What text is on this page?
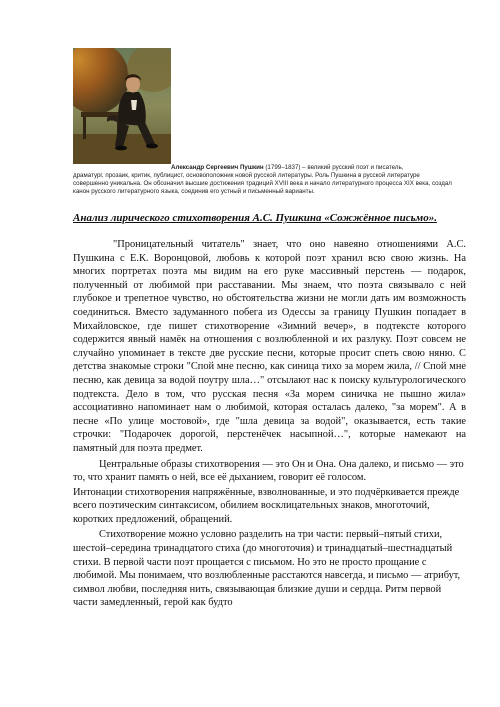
Александр Сергеевич Пушкин (1799–1837) – великий русский поэт и писатель,
драматург, прозаик, критик, публицист, основоположник новой русской литературы. Роль Пушкина в русской литературе совершенно уникальна. Он обозначил высшие достижения традиций XVIII века и начало литературного процесса XIX века, создал канон русского литературного языка, соединив его устный и письменный варианты.
Анализ лирического стихотворения А.С. Пушкина «Сожжённое письмо».

"Проницательный читатель" знает, что оно навеяно отношениями А.С. Пушкина с Е.К. Воронцовой, любовь к которой поэт хранил всю свою жизнь. На многих портретах поэта мы видим на его руке массивный перстень — подарок, полученный от любимой при расставании. Мы знаем, что поэта связывало с ней глубокое и трепетное чувство, но обстоятельства жизни не могли дать им возможность соединиться. Вместо задуманного побега из Одессы за границу Пушкин попадает в Михайловское, где пишет стихотворение «Зимний вечер», в подтексте которого содержится явный намёк на отношения с возлюбленной и их разлуку. Поэт совсем не случайно упоминает в тексте две русские песни, которые просит спеть свою няню. С детства знакомые строки "Спой мне песню, как синица тихо за морем жила, // Спой мне песню, как девица за водой поутру шла…" отсылают нас к поиску культурологического подтекста. Дело в том, что русская песня «За морем синичка не пышно жила» ассоциативно напоминает нам о любимой, которая осталась далеко, "за морем". А в песне «По улице мостовой», где "шла девица за водой", оказывается, есть такие строчки: "Подарочек дорогой, перстенёчек насыпной…", которые намекают на памятный для поэта предмет.

Центральные образы стихотворения — это Он и Она. Она далеко, и письмо — это то, что хранит память о ней, все её дыханием, говорит её голосом.

Интонации стихотворения напряжённые, взволнованные, и это подчёркивается прежде всего поэтическим синтаксисом, обилием восклицательных знаков, многоточий, коротких предложений, обращений.

Стихотворение можно условно разделить на три части: первый–пятый стихи, шестой–середина тринадцатого стиха (до многоточия) и тринадцатый–шестнадцатый стихи. В первой части поэт прощается с письмом. Но это не просто прощание с любимой. Мы понимаем, что возлюбленные расстаются навсегда, и письмо — атрибут, символ любви, последняя нить, связывающая близкие души и сердца. Ритм первой части замедленный, герой как будто
